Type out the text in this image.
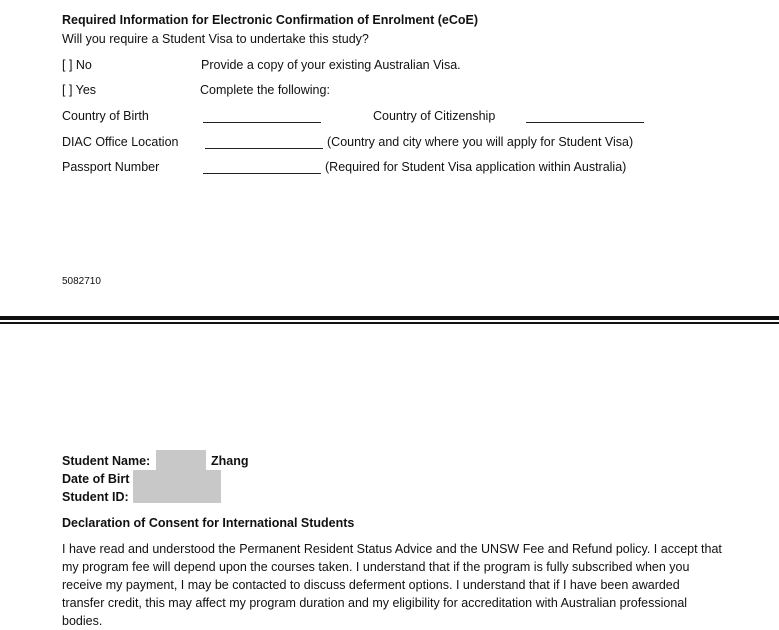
Required Information for Electronic Confirmation of Enrolment (eCoE)
Will you require a Student Visa to undertake this study?
[ ] No	Provide a copy of your existing Australian Visa.
[ ] Yes	Complete the following:
Country of Birth	Country of Citizenship
DIAC Office Location	(Country and city where you will apply for Student Visa)
Passport Number	(Required for Student Visa application within Australia)
5082710
Student Name:	Zhang
Date of Birt
Student ID:
Declaration of Consent for International Students
I have read and understood the Permanent Resident Status Advice and the UNSW Fee and Refund policy. I accept that my program fee will depend upon the courses taken. I understand that if the program is fully subscribed when you receive my payment, I may be contacted to discuss deferment options. I understand that if I have been awarded transfer credit, this may affect my program duration and my eligibility for accreditation with Australian professional bodies.
